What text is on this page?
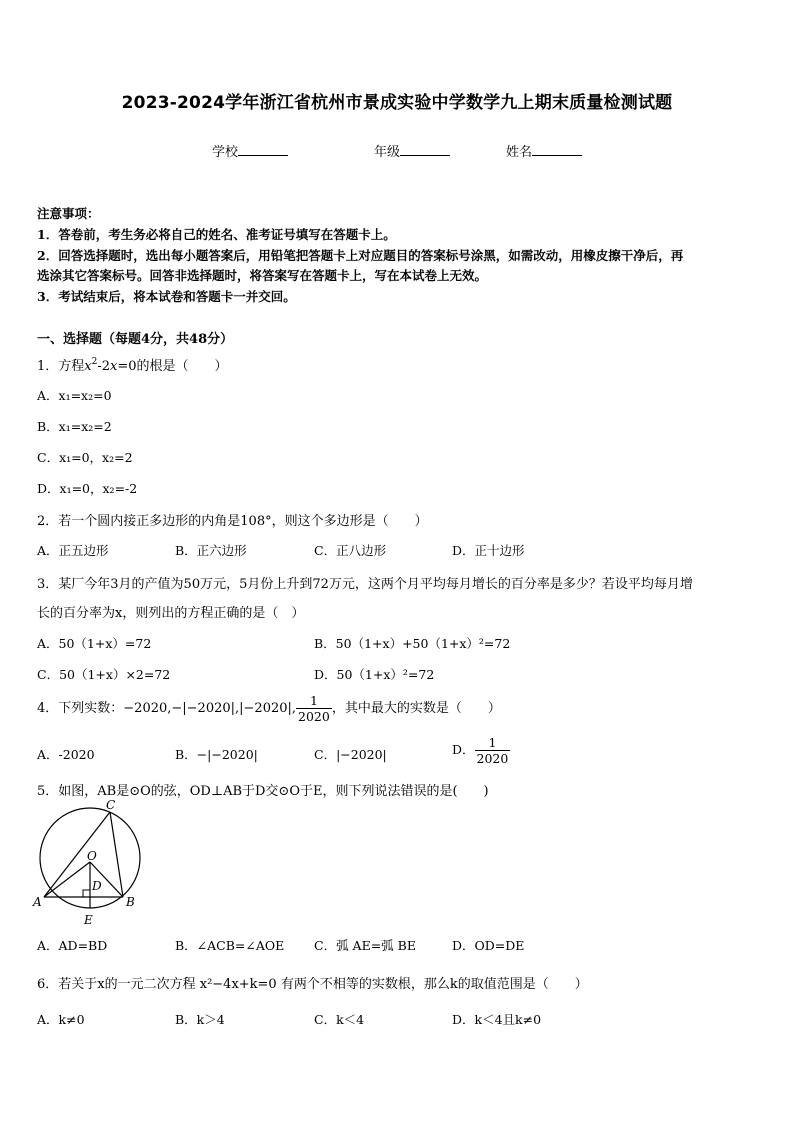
2023-2024学年浙江省杭州市景成实验中学数学九上期末质量检测试题
学校	年级	姓名
注意事项：
1．答卷前，考生务必将自己的姓名、准考证号填写在答题卡上。
2．回答选择题时，选出每小题答案后，用铅笔把答题卡上对应题目的答案标号涂黑，如需改动，用橡皮擦干净后，再
选涂其它答案标号。回答非选择题时，将答案写在答题卡上，写在本试卷上无效。
3．考试结束后，将本试卷和答题卡一并交回。
一、选择题（每题4分，共48分）
1．方程$x^2-2x=0$的根是（　　）
A．x₁=x₂=0
B．x₁=x₂=2
C．x₁=0，x₂=2
D．x₁=0，x₂=-2
2．若一个圆内接正多边形的内角是108°，则这个多边形是（　　）
A．正五边形	B．正六边形	C．正八边形	D．正十边形
3．某厂今年3月的产值为50万元，5月份上升到72万元，这两个月平均每月增长的百分率是多少？若设平均每月增
长的百分率为x，则列出的方程正确的是（　）
A．50（1+x）=72	B．50（1+x）+50（1+x）²=72
C．50（1+x）×2=72	D．50（1+x）²=72
4．下列实数：−2020,−|−2020|,|−2020|, $\frac{1}{2020}$ ，其中最大的实数是（　　）
A．-2020	B．−|−2020|	C．|−2020|	D． $\frac{1}{2020}$
5．如图，AB是⊙O的弦，OD⊥AB于D交⊙O于E，则下列说法错误的是(　　)
C
O
D
A	B
E
A．AD=BD	B．∠ACB=∠AOE C．弧 AE=弧 BE	D．OD=DE
6．若关于x的一元二次方程 x²−4x+k=0 有两个不相等的实数根，那么k的取值范围是（　　）
A．k≠0	B．k＞4	C．k＜4	D．k＜4且k≠0
